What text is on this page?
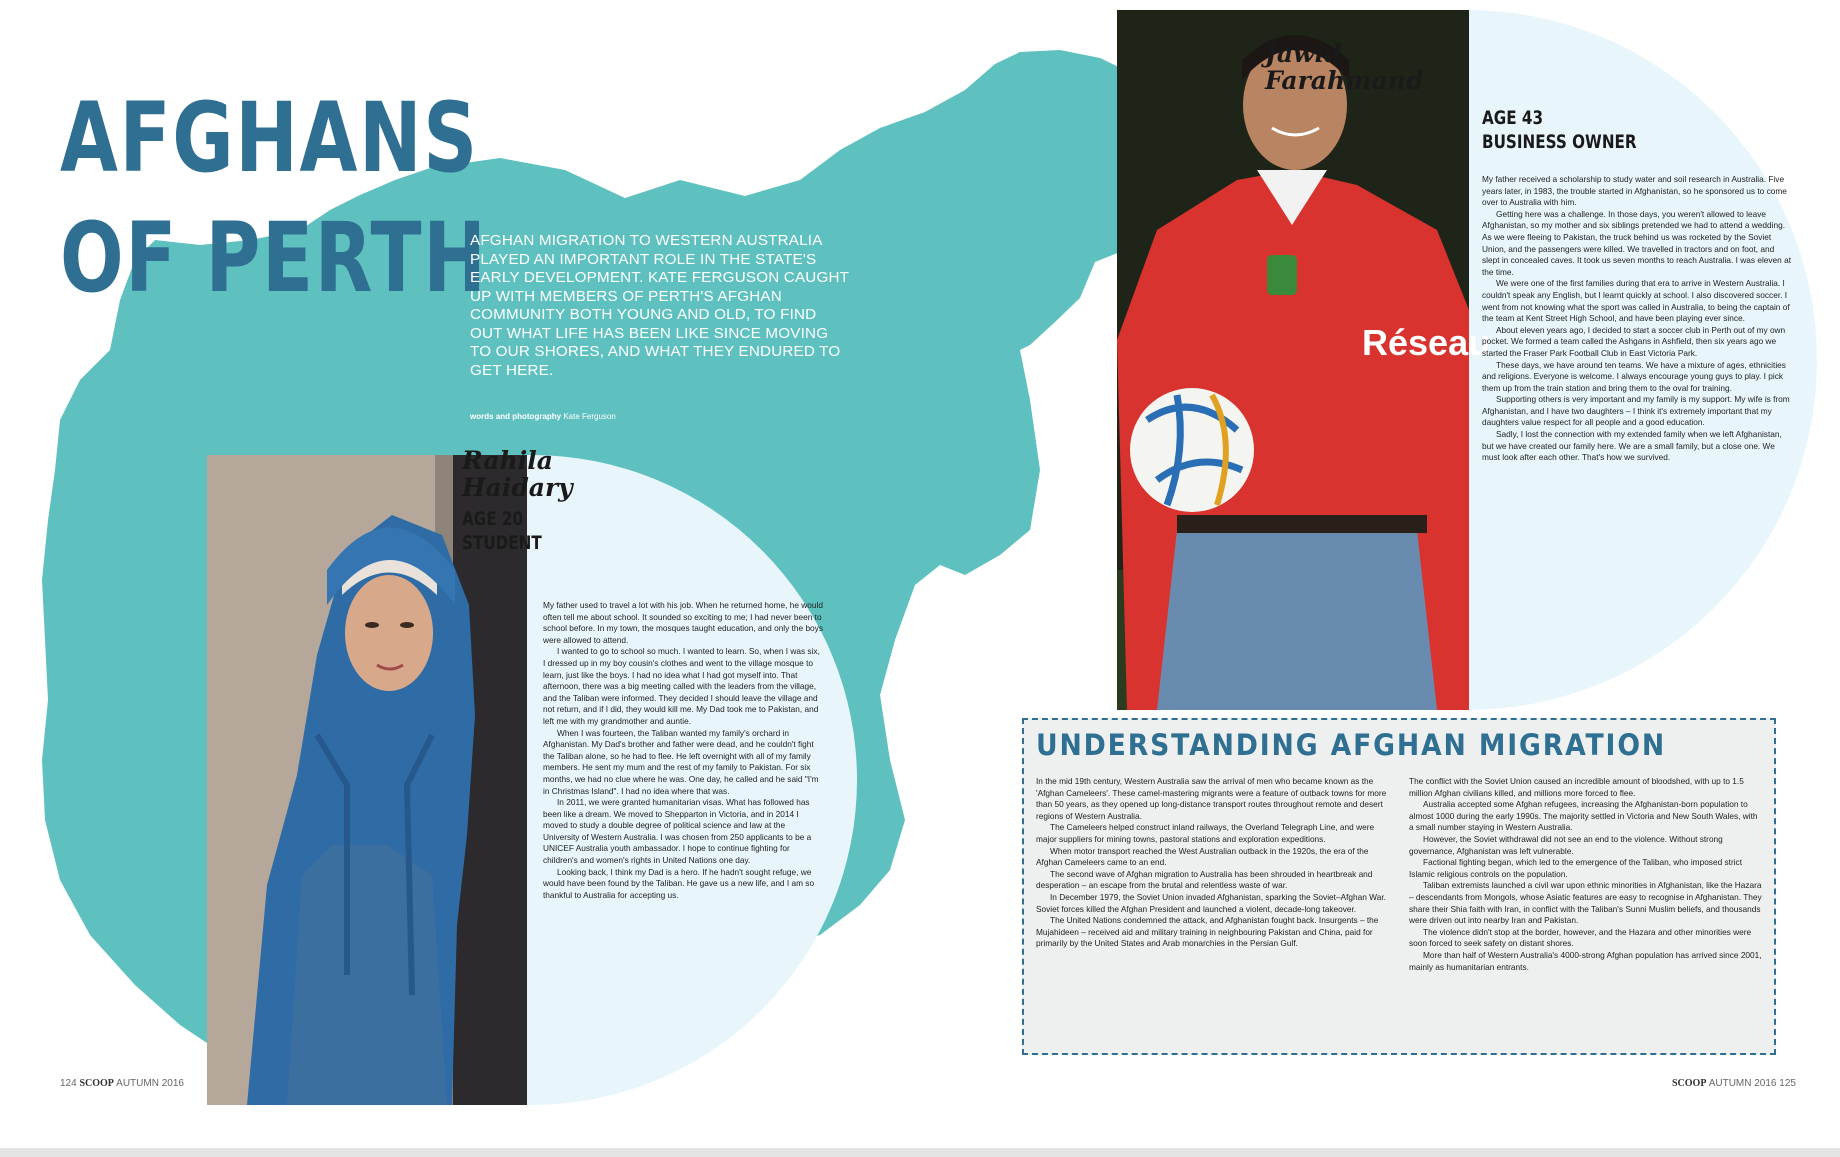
AFGHANS
OF PERTH

AFGHAN MIGRATION TO WESTERN AUSTRALIA PLAYED AN IMPORTANT ROLE IN THE STATE'S EARLY DEVELOPMENT. KATE FERGUSON CAUGHT UP WITH MEMBERS OF PERTH'S AFGHAN COMMUNITY BOTH YOUNG AND OLD, TO FIND OUT WHAT LIFE HAS BEEN LIKE SINCE MOVING TO OUR SHORES, AND WHAT THEY ENDURED TO GET HERE.

words and photography Kate Ferguson
Rahila
Haidary
AGE 20
STUDENT

My father used to travel a lot with his job. When he returned home, he would often tell me about school. It sounded so exciting to me; I had never been to school before. In my town, the mosques taught education, and only the boys were allowed to attend.

I wanted to go to school so much. I wanted to learn. So, when I was six, I dressed up in my boy cousin's clothes and went to the village mosque to learn, just like the boys. I had no idea what I had got myself into. That afternoon, there was a big meeting called with the leaders from the village, and the Taliban were informed. They decided I should leave the village and not return, and if I did, they would kill me. My Dad took me to Pakistan, and left me with my grandmother and auntie.

When I was fourteen, the Taliban wanted my family's orchard in Afghanistan. My Dad's brother and father were dead, and he couldn't fight the Taliban alone, so he had to flee. He left overnight with all of my family members. He sent my mum and the rest of my family to Pakistan. For six months, we had no clue where he was. One day, he called and he said "I'm in Christmas Island". I had no idea where that was.

In 2011, we were granted humanitarian visas. What has followed has been like a dream. We moved to Shepparton in Victoria, and in 2014 I moved to study a double degree of political science and law at the University of Western Australia. I was chosen from 250 applicants to be a UNICEF Australia youth ambassador. I hope to continue fighting for children's and women's rights in United Nations one day.

Looking back, I think my Dad is a hero. If he hadn't sought refuge, we would have been found by the Taliban. He gave us a new life, and I am so thankful to Australia for accepting us.

Réseau
Jawid
Farahmand
AGE 43
BUSINESS OWNER

My father received a scholarship to study water and soil research in Australia. Five years later, in 1983, the trouble started in Afghanistan, so he sponsored us to come over to Australia with him.

Getting here was a challenge. In those days, you weren't allowed to leave Afghanistan, so my mother and six siblings pretended we had to attend a wedding. As we were fleeing to Pakistan, the truck behind us was rocketed by the Soviet Union, and the passengers were killed. We travelled in tractors and on foot, and slept in concealed caves. It took us seven months to reach Australia. I was eleven at the time.

We were one of the first families during that era to arrive in Western Australia. I couldn't speak any English, but I learnt quickly at school. I also discovered soccer. I went from not knowing what the sport was called in Australia, to being the captain of the team at Kent Street High School, and have been playing ever since.

About eleven years ago, I decided to start a soccer club in Perth out of my own pocket. We formed a team called the Ashgans in Ashfield, then six years ago we started the Fraser Park Football Club in East Victoria Park.

These days, we have around ten teams. We have a mixture of ages, ethnicities and religions. Everyone is welcome. I always encourage young guys to play. I pick them up from the train station and bring them to the oval for training.

Supporting others is very important and my family is my support. My wife is from Afghanistan, and I have two daughters – I think it's extremely important that my daughters value respect for all people and a good education.

Sadly, I lost the connection with my extended family when we left Afghanistan, but we have created our family here. We are a small family, but a close one. We must look after each other. That's how we survived.

UNDERSTANDING AFGHAN MIGRATION

In the mid 19th century, Western Australia saw the arrival of men who became known as the 'Afghan Cameleers'. These camel-mastering migrants were a feature of outback towns for more than 50 years, as they opened up long-distance transport routes throughout remote and desert regions of Western Australia.

The Cameleers helped construct inland railways, the Overland Telegraph Line, and were major suppliers for mining towns, pastoral stations and exploration expeditions.

When motor transport reached the West Australian outback in the 1920s, the era of the Afghan Cameleers came to an end.

The second wave of Afghan migration to Australia has been shrouded in heartbreak and desperation – an escape from the brutal and relentless waste of war.

In December 1979, the Soviet Union invaded Afghanistan, sparking the Soviet–Afghan War. Soviet forces killed the Afghan President and launched a violent, decade-long takeover.

The United Nations condemned the attack, and Afghanistan fought back. Insurgents – the Mujahideen – received aid and military training in neighbouring Pakistan and China, paid for primarily by the United States and Arab monarchies in the Persian Gulf.

The conflict with the Soviet Union caused an incredible amount of bloodshed, with up to 1.5 million Afghan civilians killed, and millions more forced to flee.

Australia accepted some Afghan refugees, increasing the Afghanistan-born population to almost 1000 during the early 1990s. The majority settled in Victoria and New South Wales, with a small number staying in Western Australia.

However, the Soviet withdrawal did not see an end to the violence. Without strong governance, Afghanistan was left vulnerable.

Factional fighting began, which led to the emergence of the Taliban, who imposed strict Islamic religious controls on the population.

Taliban extremists launched a civil war upon ethnic minorities in Afghanistan, like the Hazara – descendants from Mongols, whose Asiatic features are easy to recognise in Afghanistan. They share their Shia faith with Iran, in conflict with the Taliban's Sunni Muslim beliefs, and thousands were driven out into nearby Iran and Pakistan.

The violence didn't stop at the border, however, and the Hazara and other minorities were soon forced to seek safety on distant shores.

More than half of Western Australia's 4000-strong Afghan population has arrived since 2001, mainly as humanitarian entrants.

124 SCOOP AUTUMN 2016	SCOOP AUTUMN 2016 125
